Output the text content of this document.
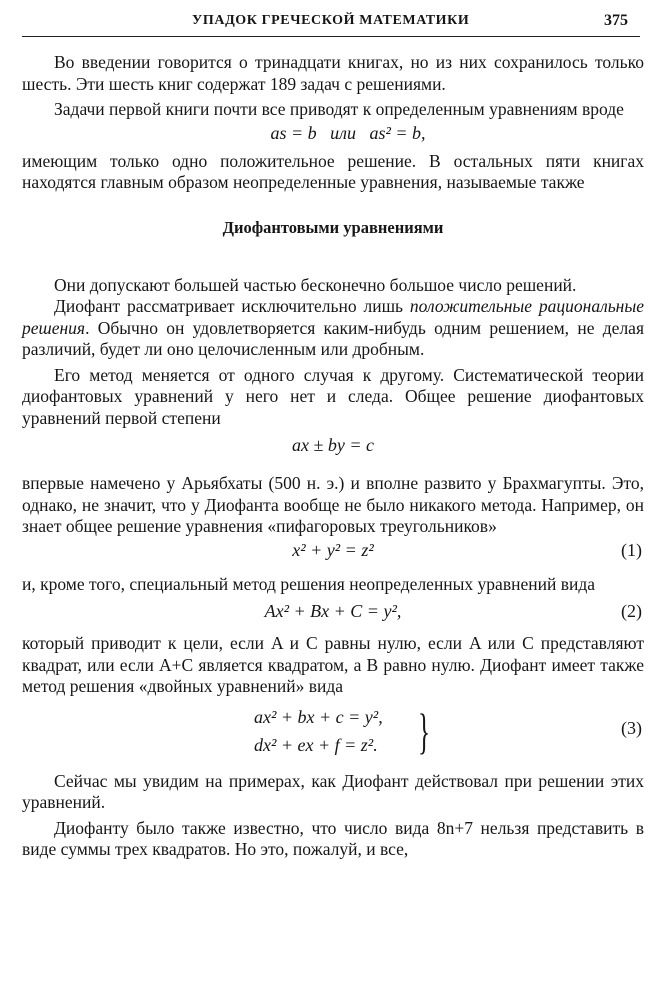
УПАДОК ГРЕЧЕСКОЙ МАТЕМАТИКИ	375

Во введении говорится о тринадцати книгах, но из них сохранилось только шесть. Эти шесть книг содержат 189 задач с решениями.

Задачи первой книги почти все приводят к определенным уравнениям вроде

as = b   или   as² = b,

имеющим только одно положительное решение. В остальных пяти книгах находятся главным образом неопределенные уравнения, называемые также

Диофантовыми уравнениями

Они допускают большей частью бесконечно большое число решений.

Диофант рассматривает исключительно лишь положительные рациональные решения. Обычно он удовлетворяется каким-нибудь одним решением, не делая различий, будет ли оно целочисленным или дробным.

Его метод меняется от одного случая к другому. Систематической теории диофантовых уравнений у него нет и следа. Общее решение диофантовых уравнений первой степени

ax ± by = c

впервые намечено у Арьябхаты (500 н. э.) и вполне развито у Брахмагупты. Это, однако, не значит, что у Диофанта вообще не было никакого метода. Например, он знает общее решение уравнения «пифагоровых треугольников»

x² + y² = z²	(1)

и, кроме того, специальный метод решения неопределенных уравнений вида

Ax² + Bx + C = y²,	(2)

который приводит к цели, если A и C равны нулю, если A или C представляют квадрат, или если A+C является квадратом, а B равно нулю. Диофант имеет также метод решения «двойных уравнений» вида

ax² + bx + c = y²,
dx² + ex + f = z². }	(3)

Сейчас мы увидим на примерах, как Диофант действовал при решении этих уравнений.

Диофанту было также известно, что число вида 8n+7 нельзя представить в виде суммы трех квадратов. Но это, пожалуй, и все,
